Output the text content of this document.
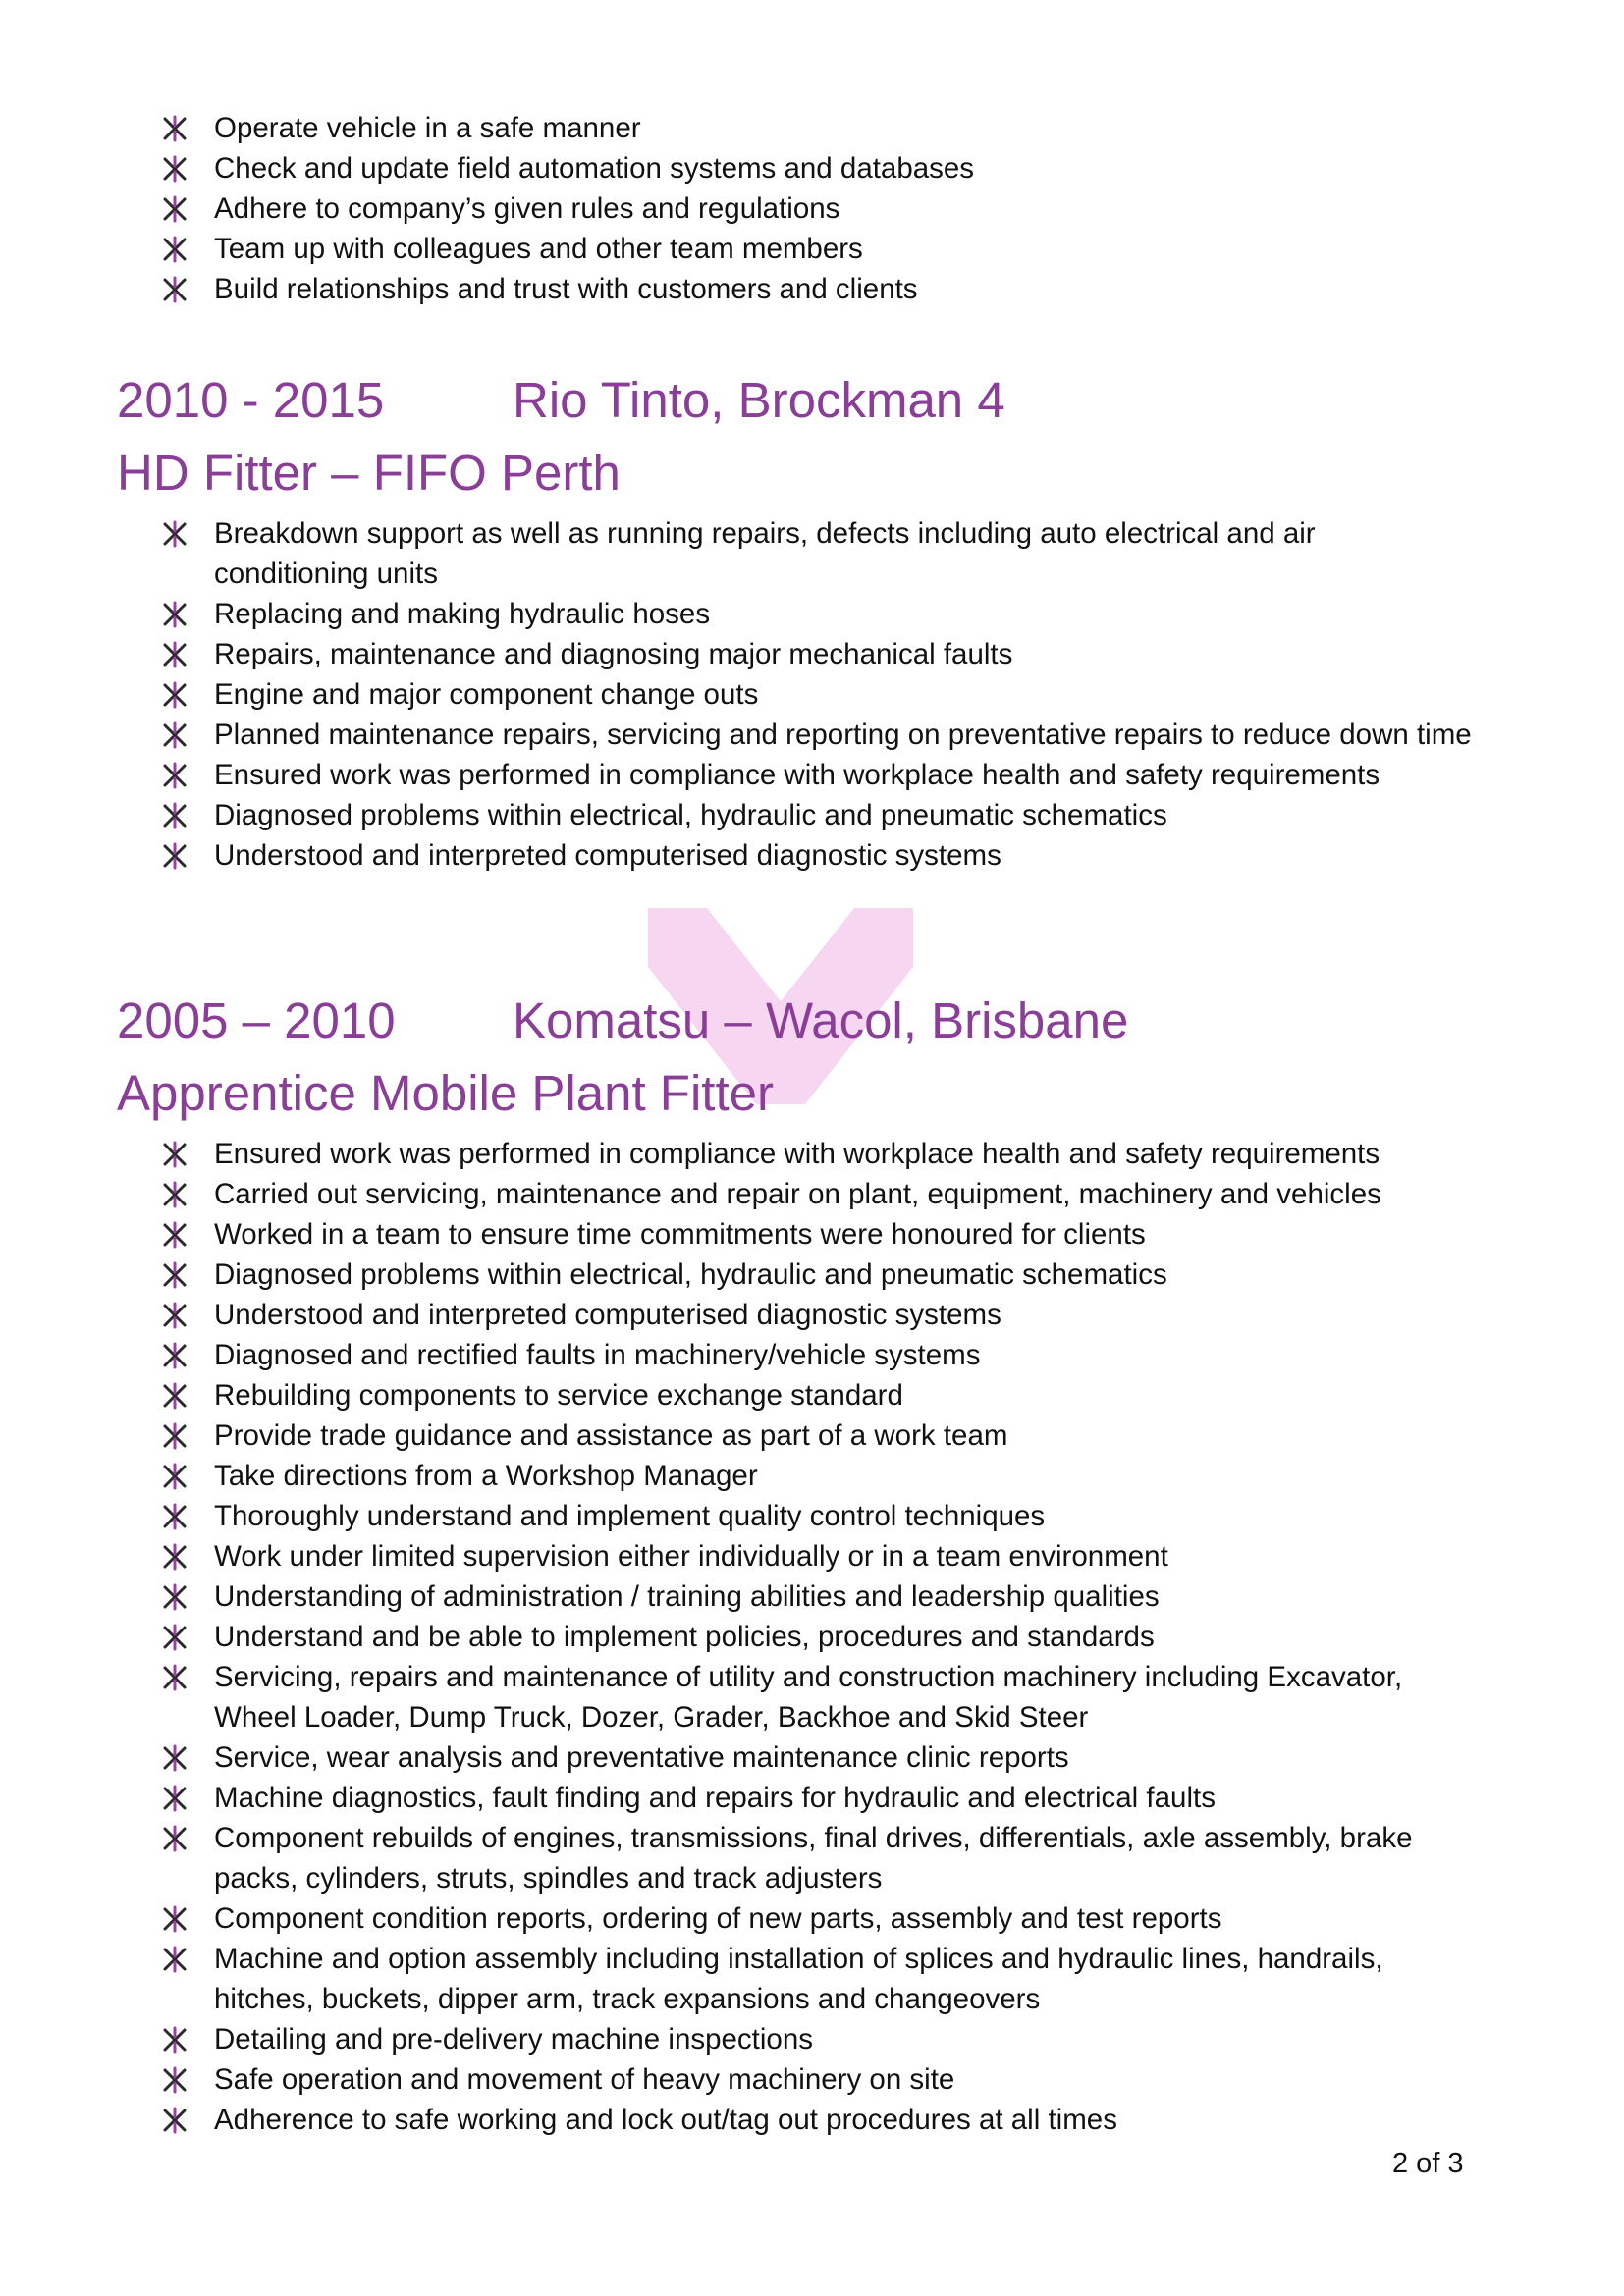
Operate vehicle in a safe manner
Check and update field automation systems and databases
Adhere to company’s given rules and regulations
Team up with colleagues and other team members
Build relationships and trust with customers and clients
2010 - 2015	Rio Tinto, Brockman 4
HD Fitter – FIFO Perth
Breakdown support as well as running repairs, defects including auto electrical and air conditioning units
Replacing and making hydraulic hoses
Repairs, maintenance and diagnosing major mechanical faults
Engine and major component change outs
Planned maintenance repairs, servicing and reporting on preventative repairs to reduce down time
Ensured work was performed in compliance with workplace health and safety requirements
Diagnosed problems within electrical, hydraulic and pneumatic schematics
Understood and interpreted computerised diagnostic systems
2005 – 2010 Komatsu – Wacol, Brisbane
Apprentice Mobile Plant Fitter
Ensured work was performed in compliance with workplace health and safety requirements
Carried out servicing, maintenance and repair on plant, equipment, machinery and vehicles
Worked in a team to ensure time commitments were honoured for clients
Diagnosed problems within electrical, hydraulic and pneumatic schematics
Understood and interpreted computerised diagnostic systems
Diagnosed and rectified faults in machinery/vehicle systems
Rebuilding components to service exchange standard
Provide trade guidance and assistance as part of a work team
Take directions from a Workshop Manager
Thoroughly understand and implement quality control techniques
Work under limited supervision either individually or in a team environment
Understanding of administration / training abilities and leadership qualities
Understand and be able to implement policies, procedures and standards
Servicing, repairs and maintenance of utility and construction machinery including Excavator, Wheel Loader, Dump Truck, Dozer, Grader, Backhoe and Skid Steer
Service, wear analysis and preventative maintenance clinic reports
Machine diagnostics, fault finding and repairs for hydraulic and electrical faults
Component rebuilds of engines, transmissions, final drives, differentials, axle assembly, brake packs, cylinders, struts, spindles and track adjusters
Component condition reports, ordering of new parts, assembly and test reports
Machine and option assembly including installation of splices and hydraulic lines, handrails, hitches, buckets, dipper arm, track expansions and changeovers
Detailing and pre-delivery machine inspections
Safe operation and movement of heavy machinery on site
Adherence to safe working and lock out/tag out procedures at all times
2 of 3
